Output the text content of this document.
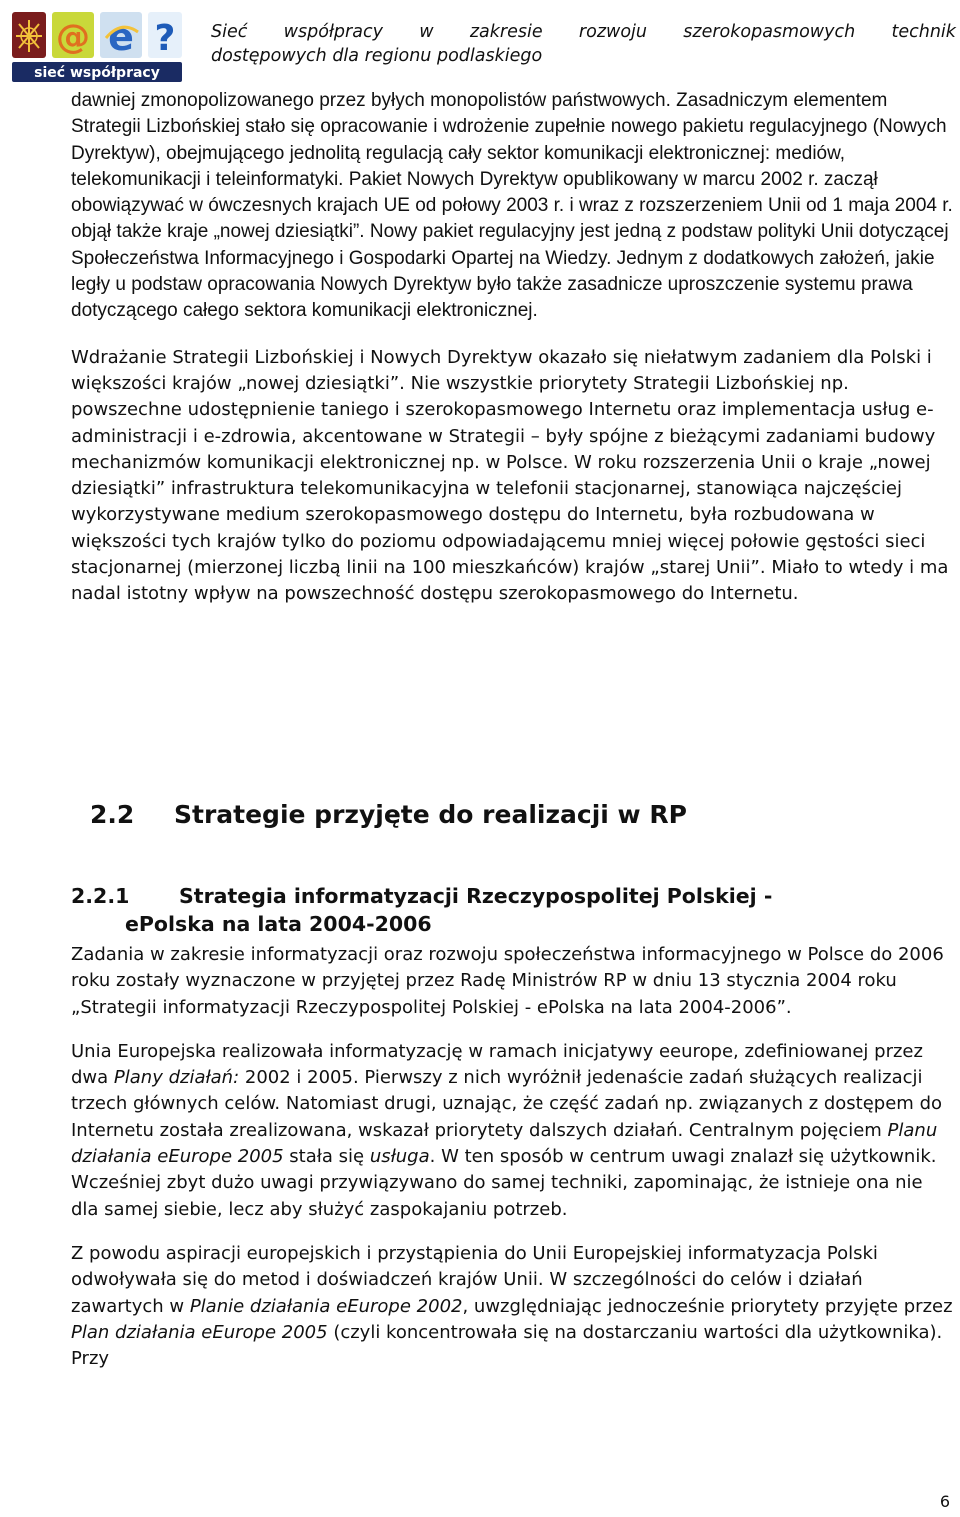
@ e ?
sieć współpracy
Sieć współpracy w zakresie rozwoju szerokopasmowych technik
dostępowych dla regionu podlaskiego

dawniej zmonopolizowanego przez byłych monopolistów państwowych. Zasadniczym elementem Strategii Lizbońskiej stało się opracowanie i wdrożenie zupełnie nowego pakietu regulacyjnego (Nowych Dyrektyw), obejmującego jednolitą regulacją cały sektor komunikacji elektronicznej: mediów, telekomunikacji i teleinformatyki. Pakiet Nowych Dyrektyw opublikowany w marcu 2002 r. zaczął obowiązywać w ówczesnych krajach UE od połowy 2003 r. i wraz z rozszerzeniem Unii od 1 maja 2004 r. objął także kraje „nowej dziesiątki”. Nowy pakiet regulacyjny jest jedną z podstaw polityki Unii dotyczącej Społeczeństwa Informacyjnego i Gospodarki Opartej na Wiedzy. Jednym z dodatkowych założeń, jakie legły u podstaw opracowania Nowych Dyrektyw było także zasadnicze uproszczenie systemu prawa dotyczącego całego sektora komunikacji elektronicznej.

Wdrażanie Strategii Lizbońskiej i Nowych Dyrektyw okazało się niełatwym zadaniem dla Polski i większości krajów „nowej dziesiątki”. Nie wszystkie priorytety Strategii Lizbońskiej np. powszechne udostępnienie taniego i szerokopasmowego Internetu oraz implementacja usług e-administracji i e-zdrowia, akcentowane w Strategii – były spójne z bieżącymi zadaniami budowy mechanizmów komunikacji elektronicznej np. w Polsce. W roku rozszerzenia Unii o kraje „nowej dziesiątki” infrastruktura telekomunikacyjna w telefonii stacjonarnej, stanowiąca najczęściej wykorzystywane medium szerokopasmowego dostępu do Internetu, była rozbudowana w większości tych krajów tylko do poziomu odpowiadającemu mniej więcej połowie gęstości sieci stacjonarnej (mierzonej liczbą linii na 100 mieszkańców) krajów „starej Unii”. Miało to wtedy i ma nadal istotny wpływ na powszechność dostępu szerokopasmowego do Internetu.

2.2 Strategie przyjęte do realizacji w RP
2.2.1 Strategia informatyzacji Rzeczypospolitej Polskiej -
ePolska na lata 2004-2006

Zadania w zakresie informatyzacji oraz rozwoju społeczeństwa informacyjnego w Polsce do 2006 roku zostały wyznaczone w przyjętej przez Radę Ministrów RP w dniu 13 stycznia 2004 roku „Strategii informatyzacji Rzeczypospolitej Polskiej - ePolska na lata 2004-2006”.

Unia Europejska realizowała informatyzację w ramach inicjatywy eeurope, zdefiniowanej przez dwa Plany działań: 2002 i 2005. Pierwszy z nich wyróżnił jedenaście zadań służących realizacji trzech głównych celów. Natomiast drugi, uznając, że część zadań np. związanych z dostępem do Internetu została zrealizowana, wskazał priorytety dalszych działań. Centralnym pojęciem Planu działania eEurope 2005 stała się usługa. W ten sposób w centrum uwagi znalazł się użytkownik. Wcześniej zbyt dużo uwagi przywiązywano do samej techniki, zapominając, że istnieje ona nie dla samej siebie, lecz aby służyć zaspokajaniu potrzeb.

Z powodu aspiracji europejskich i przystąpienia do Unii Europejskiej informatyzacja Polski odwoływała się do metod i doświadczeń krajów Unii. W szczególności do celów i działań zawartych w Planie działania eEurope 2002, uwzględniając jednocześnie priorytety przyjęte przez Plan działania eEurope 2005 (czyli koncentrowała się na dostarczaniu wartości dla użytkownika). Przy

6
